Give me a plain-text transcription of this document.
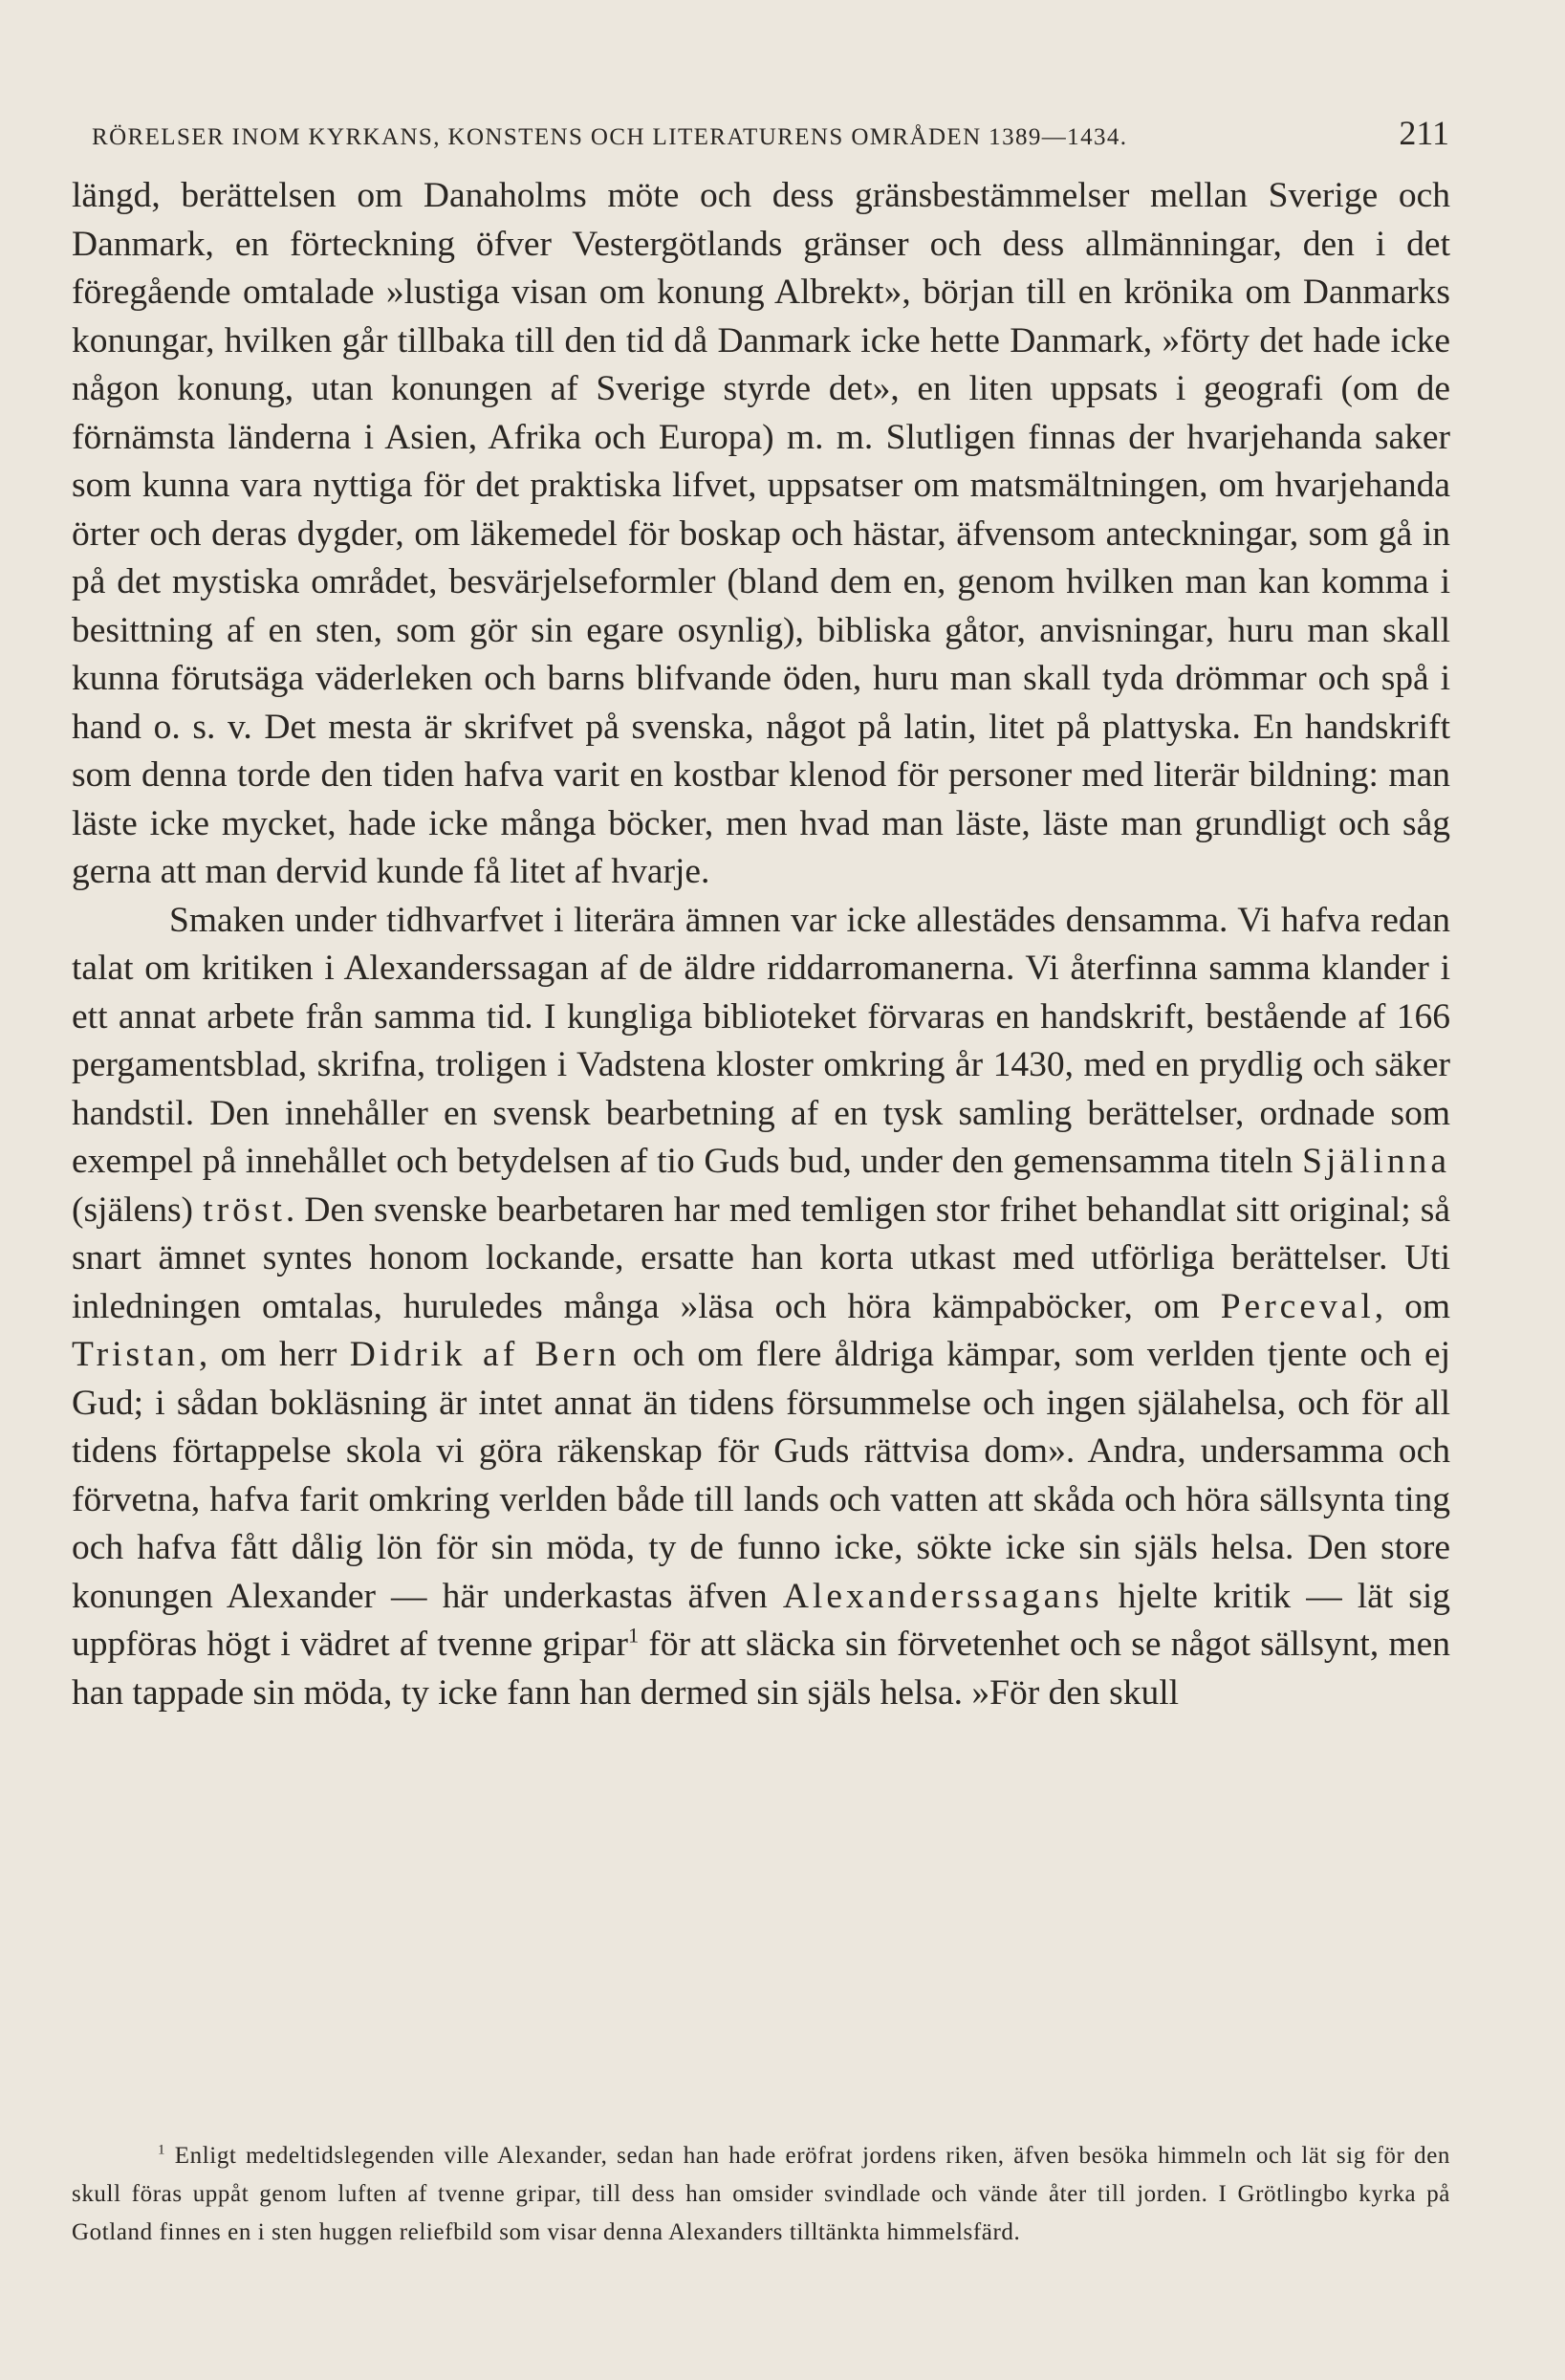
RÖRELSER INOM KYRKANS, KONSTENS OCH LITERATURENS OMRÅDEN 1389—1434.	211

längd, berättelsen om Danaholms möte och dess gränsbestämmelser mellan Sverige och Danmark, en förteckning öfver Vestergötlands gränser och dess allmänningar, den i det föregående omtalade »lustiga visan om konung Albrekt», början till en krönika om Danmarks konungar, hvilken går tillbaka till den tid då Danmark icke hette Danmark, »förty det hade icke någon konung, utan konungen af Sverige styrde det», en liten uppsats i geografi (om de förnämsta länderna i Asien, Afrika och Europa) m. m. Slutligen finnas der hvarjehanda saker som kunna vara nyttiga för det praktiska lifvet, uppsatser om matsmältningen, om hvarjehanda örter och deras dygder, om läkemedel för boskap och hästar, äfvensom anteckningar, som gå in på det mystiska området, besvärjelseformler (bland dem en, genom hvilken man kan komma i besittning af en sten, som gör sin egare osynlig), bibliska gåtor, anvisningar, huru man skall kunna förutsäga väderleken och barns blifvande öden, huru man skall tyda drömmar och spå i hand o. s. v. Det mesta är skrifvet på svenska, något på latin, litet på plattyska. En handskrift som denna torde den tiden hafva varit en kostbar klenod för personer med literär bildning: man läste icke mycket, hade icke många böcker, men hvad man läste, läste man grundligt och såg gerna att man dervid kunde få litet af hvarje.

Smaken under tidhvarfvet i literära ämnen var icke allestädes densamma. Vi hafva redan talat om kritiken i Alexanderssagan af de äldre riddarromanerna. Vi återfinna samma klander i ett annat arbete från samma tid. I kungliga biblioteket förvaras en handskrift, bestående af 166 pergamentsblad, skrifna, troligen i Vadstena kloster omkring år 1430, med en prydlig och säker handstil. Den innehåller en svensk bearbetning af en tysk samling berättelser, ordnade som exempel på innehållet och betydelsen af tio Guds bud, under den gemensamma titeln Själinna (själens) tröst. Den svenske bearbetaren har med temligen stor frihet behandlat sitt original; så snart ämnet syntes honom lockande, ersatte han korta utkast med utförliga berättelser. Uti inledningen omtalas, huruledes många »läsa och höra kämpaböcker, om Perceval, om Tristan, om herr Didrik af Bern och om flere åldriga kämpar, som verlden tjente och ej Gud; i sådan bokläsning är intet annat än tidens försummelse och ingen själahelsa, och för all tidens förtappelse skola vi göra räkenskap för Guds rättvisa dom». Andra, undersamma och förvetna, hafva farit omkring verlden både till lands och vatten att skåda och höra sällsynta ting och hafva fått dålig lön för sin möda, ty de funno icke, sökte icke sin själs helsa. Den store konungen Alexander — här underkastas äfven Alexanderssagans hjelte kritik — lät sig uppföras högt i vädret af tvenne gripar$^1$ för att släcka sin förvetenhet och se något sällsynt, men han tappade sin möda, ty icke fann han dermed sin själs helsa. »För den skull

$^1$ Enligt medeltidslegenden ville Alexander, sedan han hade eröfrat jordens riken, äfven besöka himmeln och lät sig för den skull föras uppåt genom luften af tvenne gripar, till dess han omsider svindlade och vände åter till jorden. I Grötlingbo kyrka på Gotland finnes en i sten huggen reliefbild som visar denna Alexanders tilltänkta himmelsfärd.
